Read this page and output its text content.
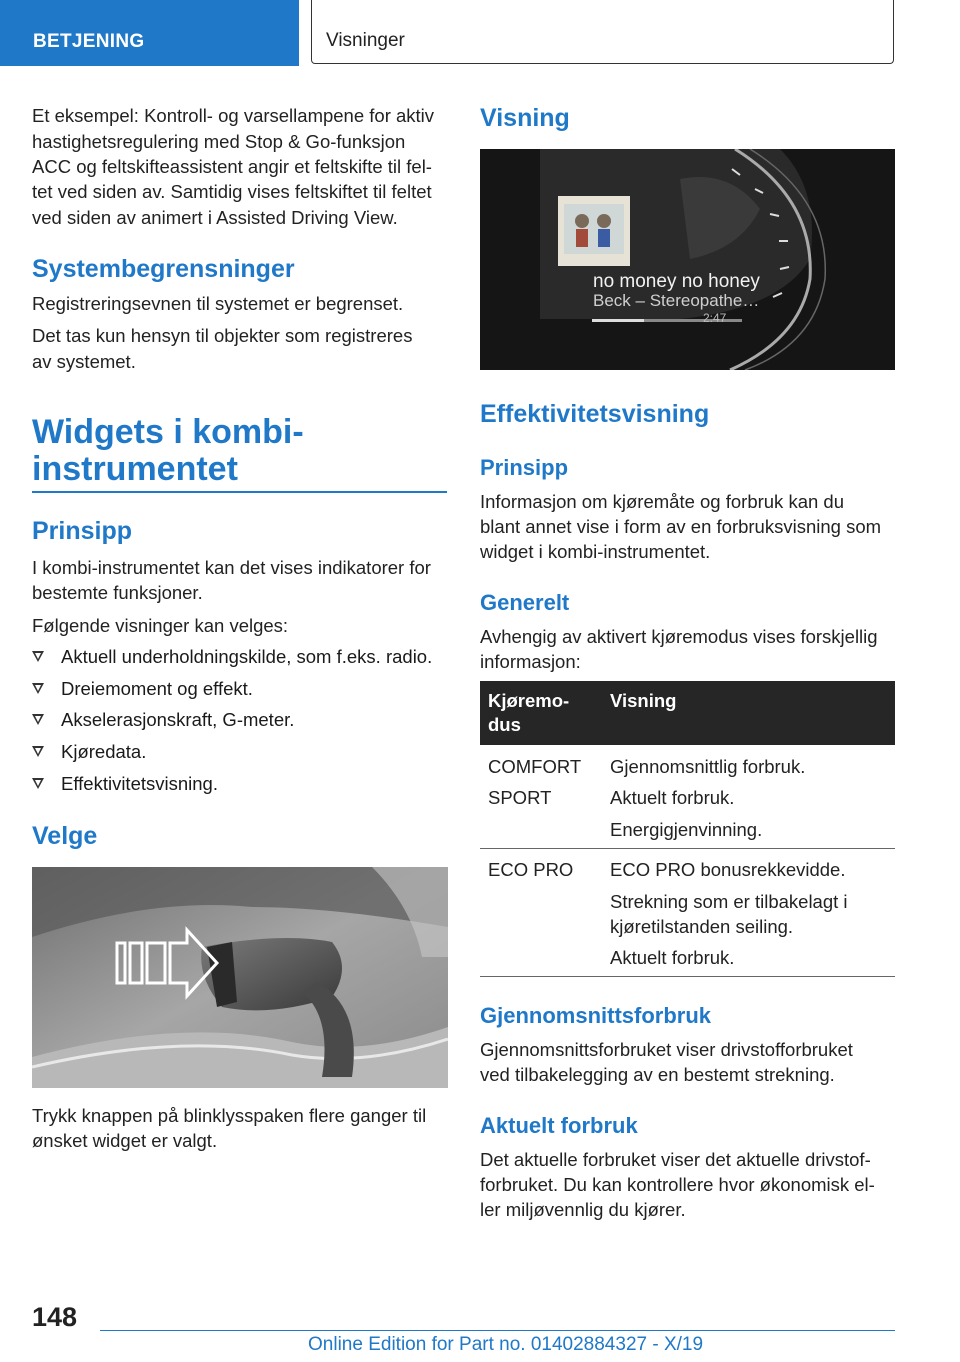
BETJENING	Visninger

Et eksempel: Kontroll- og varsellampene for aktiv

hastighetsregulering med Stop & Go-funksjon

ACC og feltskifteassistent angir et feltskifte til fel-

tet ved siden av. Samtidig vises feltskiftet til feltet

ved siden av animert i Assisted Driving View.

Systembegrensninger

Registreringsevnen til systemet er begrenset.

Det tas kun hensyn til objekter som registreres

av systemet.

Widgets i kombi-
instrumentet
Prinsipp

I kombi-instrumentet kan det vises indikatorer for

bestemte funksjoner.

Følgende visninger kan velges:

Aktuell underholdningskilde, som f.eks. radio.
Dreiemoment og effekt.
Akselerasjonskraft, G-meter.
Kjøredata.
Effektivitetsvisning.
Velge

Trykk knappen på blinklysspaken flere ganger til

ønsket widget er valgt.

Visning
no money no honey
Beck – Stereopathe…
2:47
Effektivitetsvisning
Prinsipp

Informasjon om kjøremåte og forbruk kan du

blant annet vise i form av en forbruksvisning som

widget i kombi-instrumentet.

Generelt

Avhengig av aktivert kjøremodus vises forskjellig

informasjon:

Kjøremo-
dus
Visning
COMFORT
SPORT
Gjennomsnittlig forbruk.
Aktuelt forbruk.
Energigjenvinning.
ECO PRO ECO PRO bonusrekkevidde.
Strekning som er tilbakelagt i
kjøretilstanden seiling.
Aktuelt forbruk.
Gjennomsnittsforbruk

Gjennomsnittsforbruket viser drivstofforbruket

ved tilbakelegging av en bestemt strekning.

Aktuelt forbruk

Det aktuelle forbruket viser det aktuelle drivstof-

forbruket. Du kan kontrollere hvor økonomisk el-

ler miljøvennlig du kjører.

148
Online Edition for Part no. 01402884327 - X/19
